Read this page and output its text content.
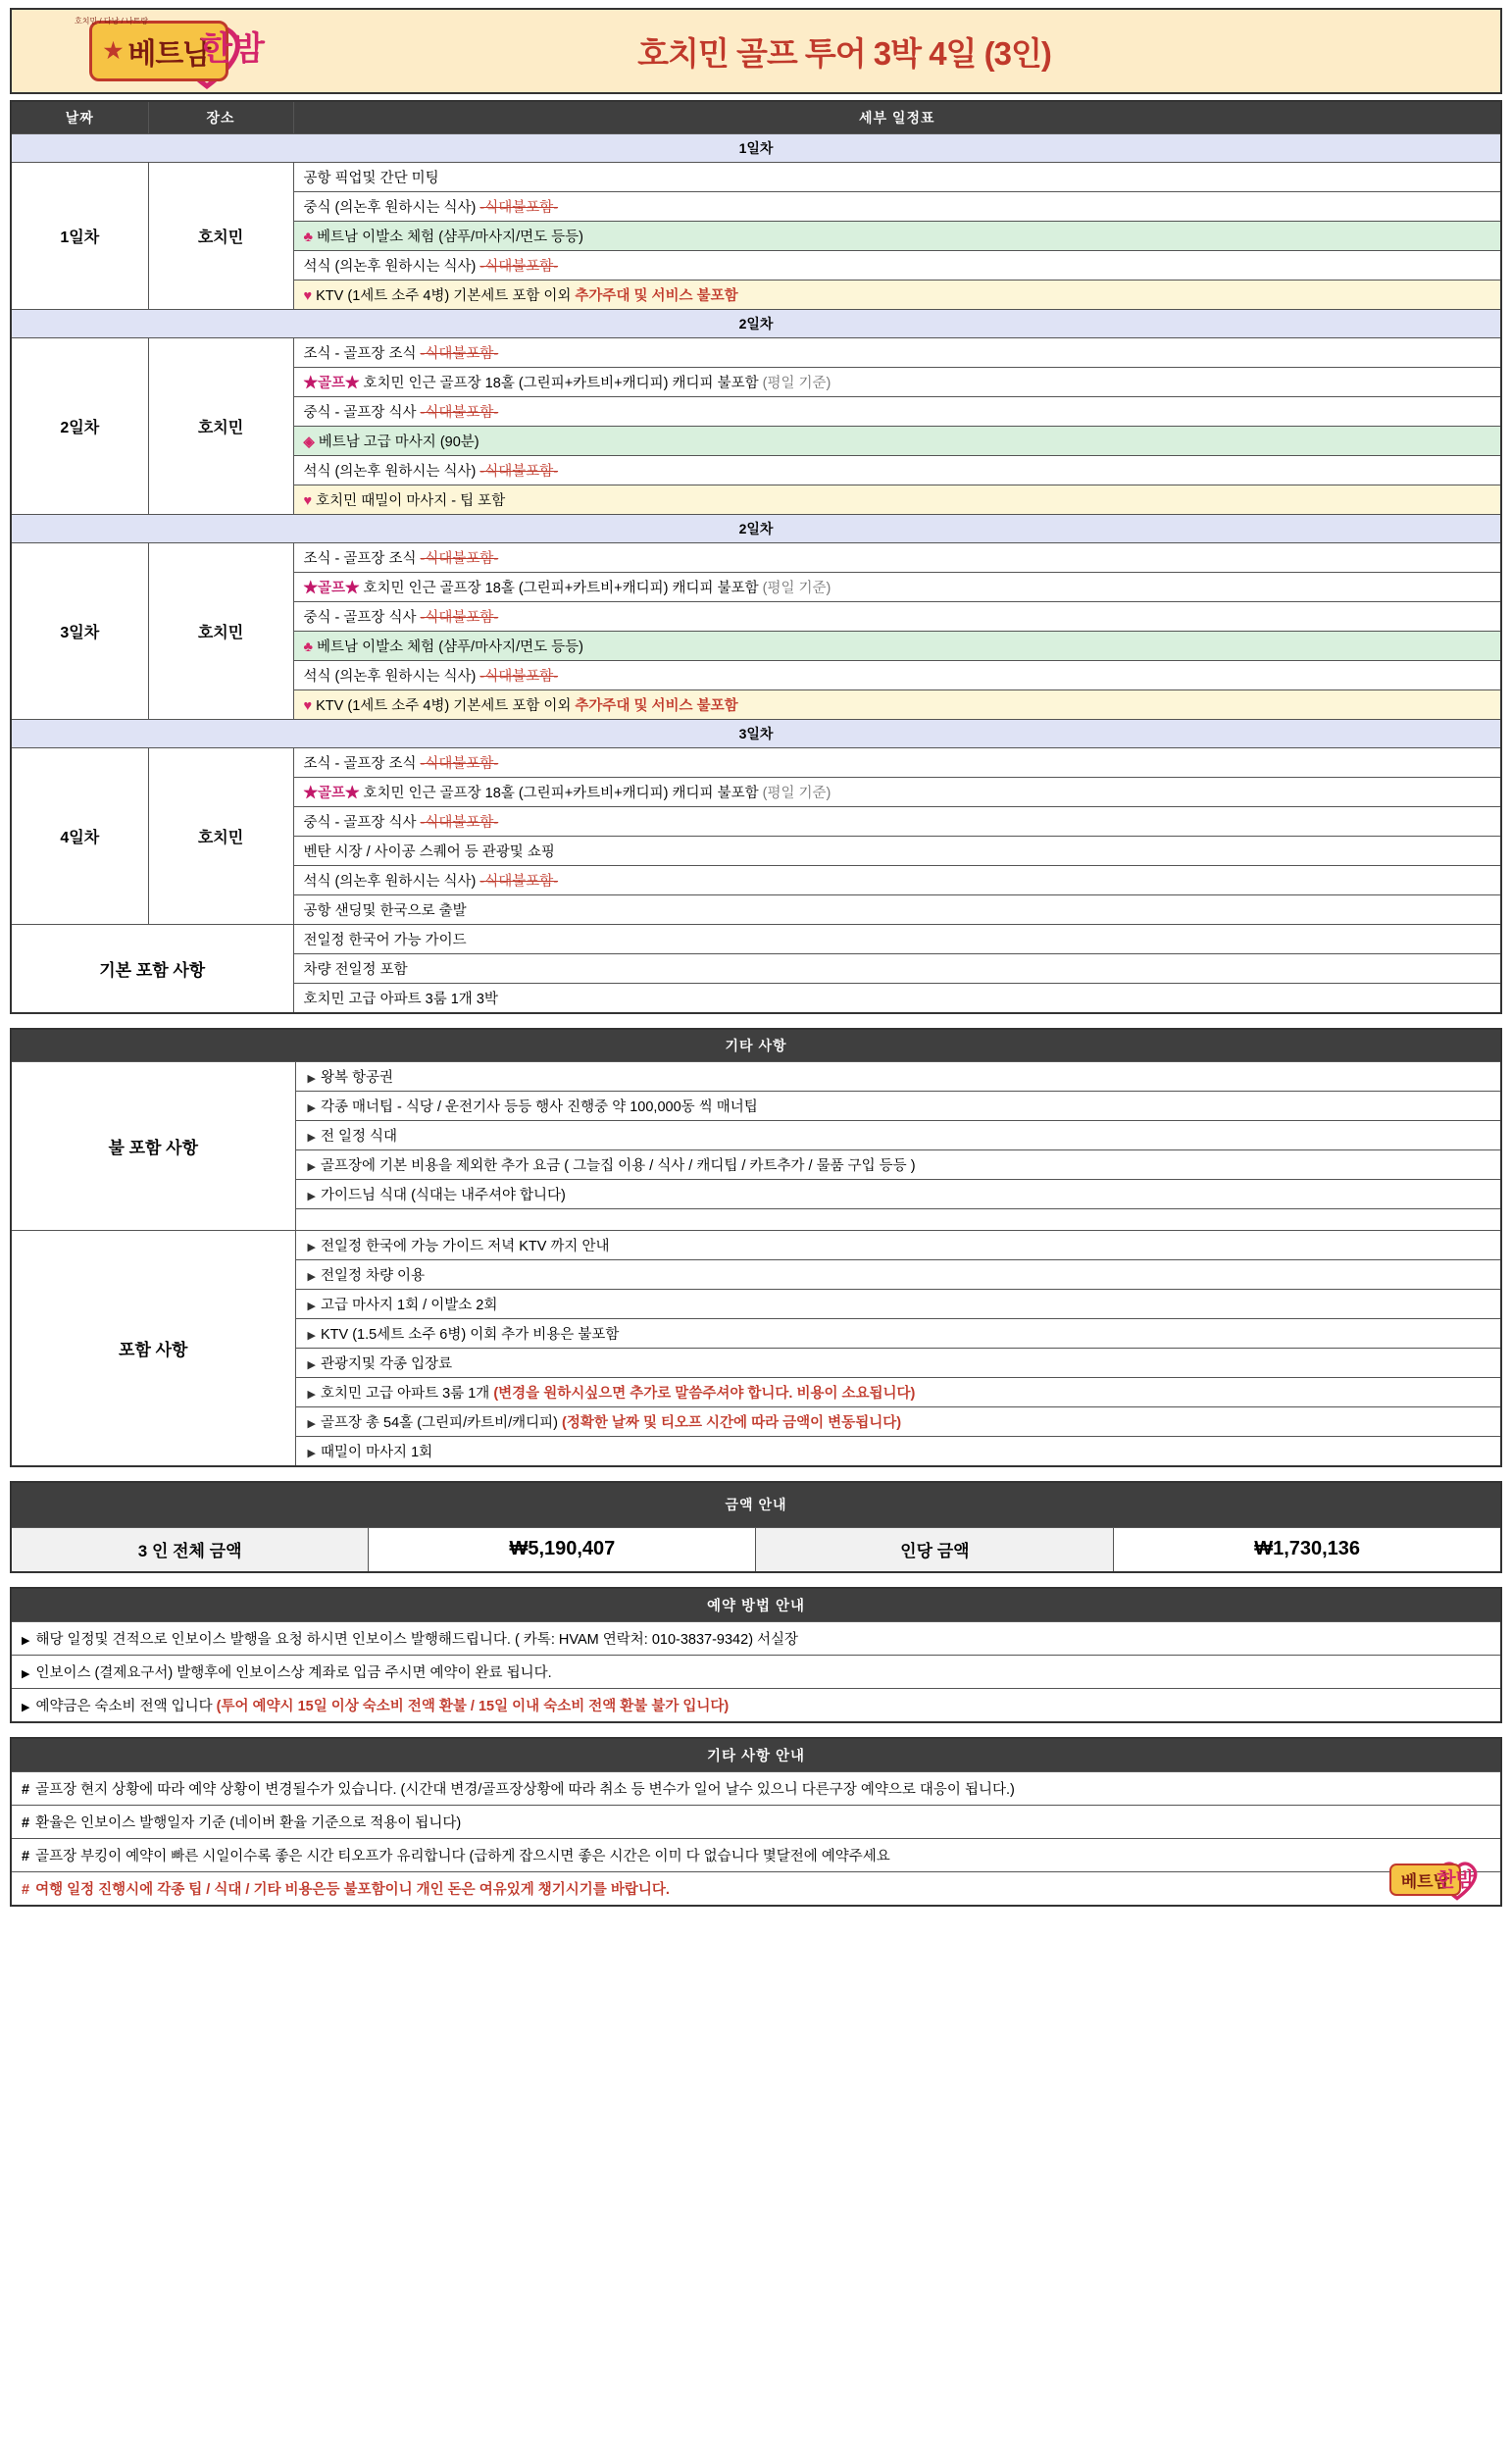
★ 베트남
호치민 / 다낭 / 나트랑
한밤	호치민 골프 투어 3박 4일 (3인)
날짜	장소	세부 일정표
1일차		
1일차	호치민	공항 픽업및 간단 미팅
		중식 (의논후 원하시는 식사) -식대불포함-
		♣ 베트남 이발소 체험 (샴푸/마사지/면도 등등)
		석식 (의논후 원하시는 식사) -식대불포함-
		♥ KTV (1세트 소주 4병) 기본세트 포함 이외 추가주대 및 서비스 불포함
2일차		
2일차	호치민	조식 - 골프장 조식 -식대불포함-
		★골프★ 호치민 인근 골프장 18홀 (그린피+카트비+캐디피) 캐디피 불포함 (평일 기준)
		중식 - 골프장 식사 -식대불포함-
		◈ 베트남 고급 마사지 (90분)
		석식 (의논후 원하시는 식사) -식대불포함-
		♥ 호치민 때밀이 마사지 - 팁 포함
2일차		
3일차	호치민	조식 - 골프장 조식 -식대불포함-
		★골프★ 호치민 인근 골프장 18홀 (그린피+카트비+캐디피) 캐디피 불포함 (평일 기준)
		중식 - 골프장 식사 -식대불포함-
		♣ 베트남 이발소 체험 (샴푸/마사지/면도 등등)
		석식 (의논후 원하시는 식사) -식대불포함-
		♥ KTV (1세트 소주 4병) 기본세트 포함 이외 추가주대 및 서비스 불포함
3일차		
4일차	호치민	조식 - 골프장 조식 -식대불포함-
		★골프★ 호치민 인근 골프장 18홀 (그린피+카트비+캐디피) 캐디피 불포함 (평일 기준)
		중식 - 골프장 식사 -식대불포함-
		벤탄 시장 / 사이공 스퀘어 등 관광및 쇼핑
		석식 (의논후 원하시는 식사) -식대불포함-
		공항 샌딩및 한국으로 출발
기본 포함 사항		전일정 한국어 가능 가이드
		차량 전일정 포함
		호치민 고급 아파트 3룸 1개 3박
기타 사항	
불 포함 사항	▶ 왕복 항공권
	▶ 각종 매너팁 - 식당 / 운전기사 등등 행사 진행중 약 100,000동 씩 매너팁
	▶ 전 일정 식대
	▶ 골프장에 기본 비용을 제외한 추가 요금 ( 그늘집 이용 / 식사 / 캐디팁 / 카트추가 / 물품 구입 등등 )
	▶ 가이드님 식대 (식대는 내주셔야 합니다)

포함 사항	▶ 전일정 한국에 가능 가이드 저녁 KTV 까지 안내
	▶ 전일정 차량 이용
	▶ 고급 마사지 1회 / 이발소 2회
	▶ KTV (1.5세트 소주 6병) 이회 추가 비용은 불포함
	▶ 관광지및 각종 입장료
	▶ 호치민 고급 아파트 3룸 1개 (변경을 원하시싶으면 추가로 말씀주셔야 합니다. 비용이 소요됩니다)
	▶ 골프장 총 54홀 (그린피/카트비/캐디피) (정확한 날짜 및 티오프 시간에 따라 금액이 변동됩니다)
	▶ 때밀이 마사지 1회
금액 안내
3 인 전체 금액	₩5,190,407	인당 금액	₩1,730,136
예약 방법 안내
▶ 해당 일정및 견적으로 인보이스 발행을 요청 하시면 인보이스 발행해드립니다. ( 카톡: HVAM 연락처: 010-3837-9342) 서실장
▶ 인보이스 (결제요구서) 발행후에 인보이스상 계좌로 입금 주시면 예약이 완료 됩니다.
▶ 예약금은 숙소비 전액 입니다 (투어 예약시 15일 이상 숙소비 전액 환불 / 15일 이내 숙소비 전액 환불 불가 입니다)
기타 사항 안내
# 골프장 현지 상황에 따라 예약 상황이 변경될수가 있습니다. (시간대 변경/골프장상황에 따라 취소 등 변수가 일어 날수 있으니 다른구장 예약으로 대응이 됩니다.)
# 환율은 인보이스 발행일자 기준 (네이버 환율 기준으로 적용이 됩니다)
# 골프장 부킹이 예약이 빠른 시일이수록 좋은 시간 티오프가 유리합니다 (급하게 잡으시면 좋은 시간은 이미 다 없습니다 몇달전에 예약주세요
# 여행 일정 진행시에 각종 팁 / 식대 / 기타 비용은등 불포함이니 개인 돈은 여유있게 챙기시기를 바랍니다.	베트남
한밤
